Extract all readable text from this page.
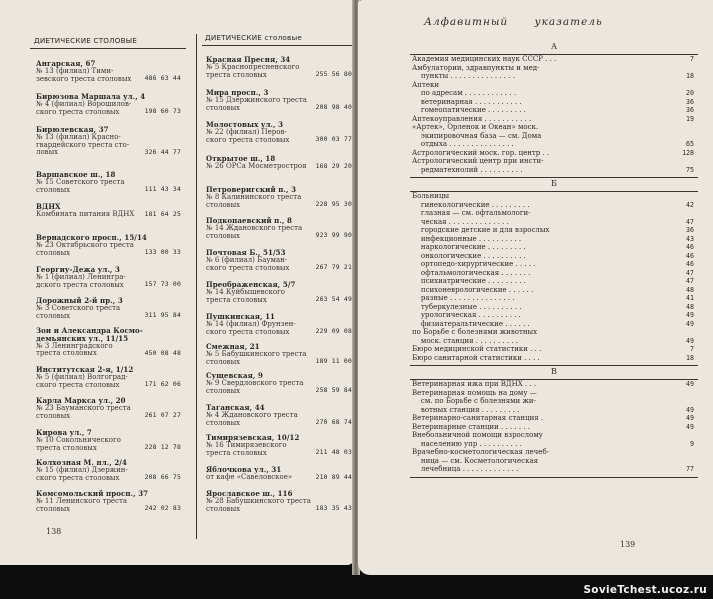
ДИЕТИЧЕСКИЕ СТОЛОВЫЕ	ДИЕТИЧЕСКИЕ столовые
Ангарская, 67
№ 13 (филиал) Тими-
зевского треста столовых	486 63 44
Бирюзова Маршала ул., 4
№ 4 (филиал) Ворошилов-
ского треста столовых	198 60 73
Бирюлевская, 37
№ 13 (филиал) Красно-
гвардейского треста сто-
ловых	326 44 77
Варшавское ш., 18
№ 15 Советского треста
столовых	111 43 34
ВДНХ
Комбината питания ВДНХ	181 64 25
Вернадского просп., 15/14
№ 23 Октябрьского треста
столовых	133 00 33
Георгиу-Дежа ул., 3
№ 1 (филиал) Ленингра-
дского треста столовых	157 73 00
Дорожный 2-й пр., 3
№ 3 Советского треста
столовых	311 95 84
Зои и Александра Космо-
демьянских ул., 11/15
№ 3 Ленинградского
треста столовых	450 08 48
Институтская 2-я, 1/12
№ 5 (филиал) Волгоград-
ского треста столовых	171 62 06
Карла Маркса ул., 20
№ 23 Бауманского треста
столовых	261 07 27
Кирова ул., 7
№ 10 Сокольнического
треста столовых	228 12 78
Колхозная М. пл., 2/4
№ 15 (филиал) Дзержин-
ского треста столовых	208 66 75
Комсомольский просп., 37
№ 11 Ленинского треста
столовых	242 02 83
Красная Пресня, 34
№ 5 Краснопресненского
треста столовых	255 56 80
Мира просп., 3
№ 15 Дзержинского треста
столовых	208 98 40
Молостовых ул., 3
№ 22 (филиал) Перов-
ского треста столовых	300 03 77
Открытое ш., 18
№ 26 ОРСа Мосметростроя	168 29 20
Петроверигский п., 3
№ 8 Калининского треста
столовых	228 95 30
Подкопаевский п., 8
№ 14 Ждановского треста
столовых	923 99 90
Почтовая Б., 51/53
№ 6 (филиал) Бауман-
ского треста столовых	267 79 21
Преображенская, 5/7
№ 14 Куйбышевского
треста столовых	263 54 49
Пушкинская, 11
№ 14 (филиал) Фрунзен-
ского треста столовых	229 09 08
Смежная, 21
№ 5 Бабушкинского треста
столовых	189 11 00
Сущевская, 9
№ 9 Свердловского треста
столовых	258 59 84
Таганская, 44
№ 4 Ждановского треста
столовых	270 68 74
Тимирязевская, 10/12
№ 16 Тимирязевского
треста столовых	211 48 03
Яблочкова ул., 31
от кафе «Савеловское»	210 89 44
Ярославское ш., 116
№ 28 Бабушкинского треста
столовых	183 35 43
138
Алфавитный указатель
А
Академия медицинских наук СССР . . .	7
Амбулатории, здравпункты и мед-
пункты . . . . . . . . . . . . . . .	18
Аптеки
по адресам . . . . . . . . . . . .	20
ветеринарная . . . . . . . . . . .	36
гомеопатические . . . . . . . . .	36
Аптекоуправления . . . . . . . . . . .	19
«Артек», Орленок и Океан» моск.
экипировочная база — см. Дома
отдыха . . . . . . . . . . . . . . .	65
Астрологический моск. гор. центр . .	128
Астрологический центр при инсти-
редматехнолий . . . . . . . . . .	75
Б
Больницы
гинекологические . . . . . . . . .	42
глазная — см. офтальмологи-
ческая . . . . . . . . . . . . . .	47
городские детские и для взрослых	36
инфекционные . . . . . . . . . .	43
наркологические . . . . . . . . .	46
онкологические . . . . . . . . . .	46
ортопедо-хирургические . . . . .	46
офтальмологическая . . . . . . .	47
психиатрические . . . . . . . . .	47
психоневрологические . . . . . .	48
разные . . . . . . . . . . . . . . .	41
туберкулезные . . . . . . . . . .	48
урологическая . . . . . . . . . .	49
физиатеральтические . . . . . .	49
по Борьбе с болезнями животных
моск. станция . . . . . . . . . .	49
Бюро медицинской статистики . . .	7
Бюро санитарной статистики . . . .	18
В
Ветеринарная ижа при ВДНХ . . .	49
Ветеринарная помощь на дому —
см. по Борьбе с болезнями жи-
вотных станция . . . . . . . . .	49
Ветеринарно-санитарная станция .	49
Ветеринарные станции . . . . . . .	49
Внебольничной помощи взрослому
населению упр . . . . . . . . . .	9
Врачебно-косметологическая лечеб-
ница — см. Косметологическая
лечебница . . . . . . . . . . . . .	77
139
SovieTchest.ucoz.ru
